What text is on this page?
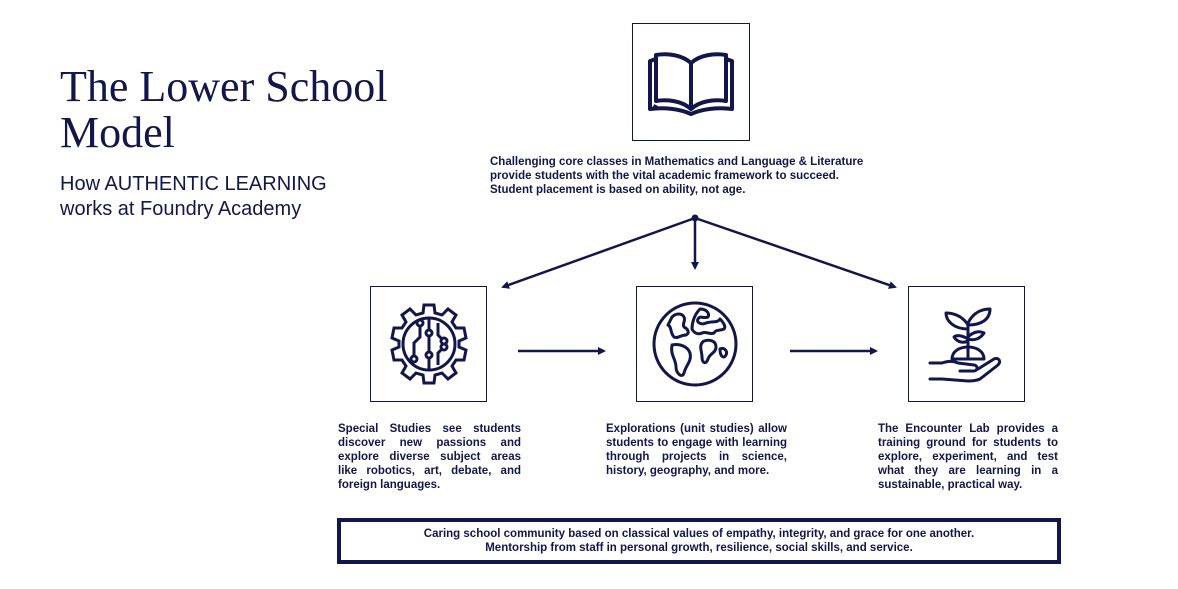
The Lower School Model
How AUTHENTIC LEARNING
works at Foundry Academy
Challenging core classes in Mathematics and Language & Literature
provide students with the vital academic framework to succeed.
Student placement is based on ability, not age.
Special Studies see students discover new passions and explore diverse subject areas like robotics, art, debate, and foreign languages.
Explorations (unit studies) allow students to engage with learning through projects in science, history, geography, and more.
The Encounter Lab provides a training ground for students to explore, experiment, and test what they are learning in a sustainable, practical way.
Caring school community based on classical values of empathy, integrity, and grace for one another.
Mentorship from staff in personal growth, resilience, social skills, and service.
